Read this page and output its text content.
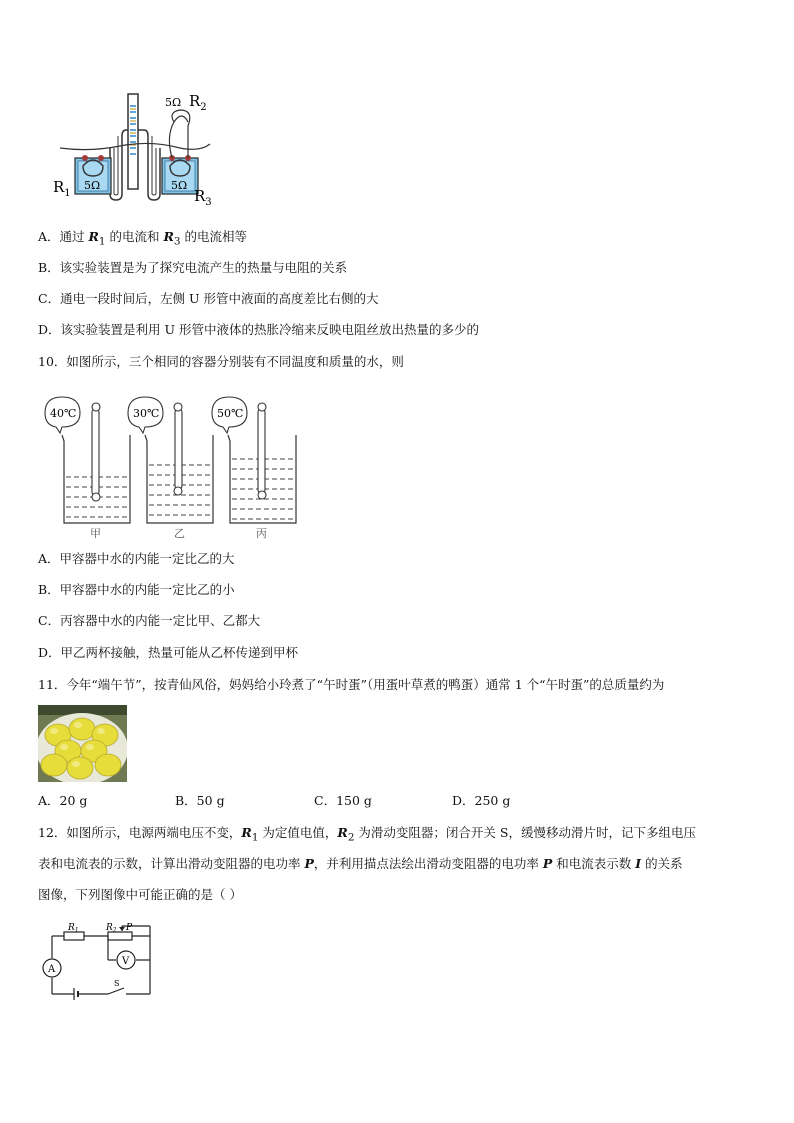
5Ω	5Ω
5Ω $R_2$
$R_1$	$R_3$
A．通过 $R_1$ 的电流和 $R_3$ 的电流相等
B．该实验装置是为了探究电流产生的热量与电阻的关系
C．通电一段时间后，左侧 U 形管中液面的高度差比右侧的大
D．该实验装置是利用 U 形管中液体的热胀冷缩来反映电阻丝放出热量的多少的
10．如图所示，三个相同的容器分别装有不同温度和质量的水，则
40℃	30℃	50℃
甲	乙	丙
A．甲容器中水的内能一定比乙的大
B．甲容器中水的内能一定比乙的小
C．丙容器中水的内能一定比甲、乙都大
D．甲乙两杯接触，热量可能从乙杯传递到甲杯
11．今年“端午节”，按青仙风俗，妈妈给小玲煮了“午时蛋”（用蛋叶草煮的鸭蛋）通常 1 个“午时蛋”的总质量约为
A．20 g	B．50 g	C．150 g	D．250 g
12．如图所示，电源两端电压不变，$R_1$ 为定值电值，$R_2$ 为滑动变阻器；闭合开关 S，缓慢移动滑片时，记下多组电压
表和电流表的示数，计算出滑动变阻器的电功率 P，并利用描点法绘出滑动变阻器的电功率 P 和电流表示数 I 的关系
图像，下列图像中可能正确的是（ ）
$R_1$	$R_2$ P
A
V
S
